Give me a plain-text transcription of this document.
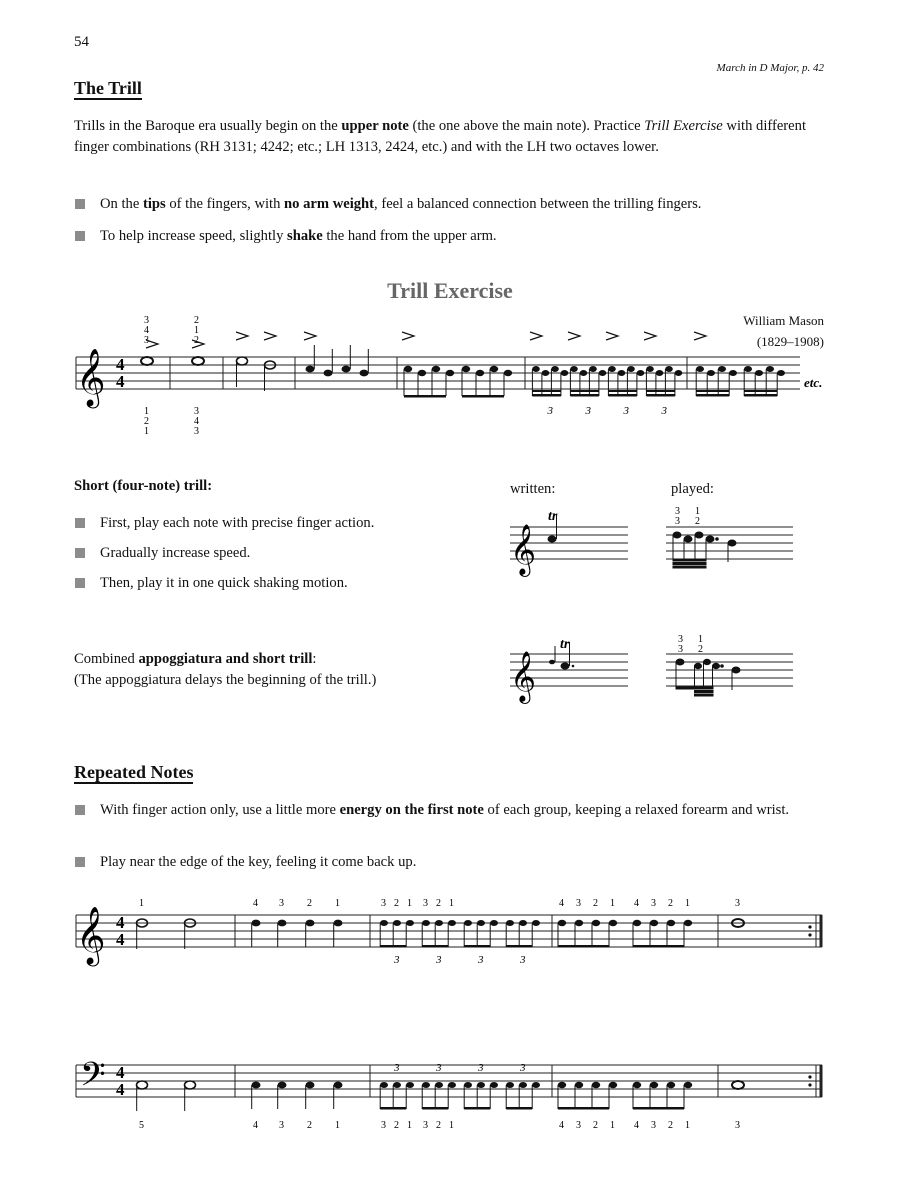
54
March in D Major, p. 42
The Trill
Trills in the Baroque era usually begin on the upper note (the one above the main note). Practice Trill Exercise with different finger combinations (RH 3131; 4242; etc.; LH 1313, 2424, etc.) and with the LH two octaves lower.
On the tips of the fingers, with no arm weight, feel a balanced connection between the trilling fingers.
To help increase speed, slightly shake the hand from the upper arm.
Trill Exercise
William Mason
(1829–1908)
𝄞 4
4
3
4
3
2
1
2
1
2
1
3
4
3
3	3	3	3
etc.
Short (four-note) trill:	written:	played:
First, play each note with precise finger action.
Gradually increase speed.
Then, play it in one quick shaking motion.
𝄞
tr	3
3
1
2
Combined appoggiatura and short trill:
(The appoggiatura delays the beginning of the trill.)	𝄞
tr	3
3
1
2
Repeated Notes
With finger action only, use a little more energy on the first note of each group, keeping a relaxed forearm and wrist.
Play near the edge of the key, feeling it come back up.
𝄞 4
4
1	4 3 2 1	3 2 1
3
3 2 1
3	3	3
4 3 2 1 4 3 2 1	3
𝄢 4
4
5	4 3 2 1	3 2 1
3
3 2 1
3	3	3
4 3 2 1 4 3 2 1	3
